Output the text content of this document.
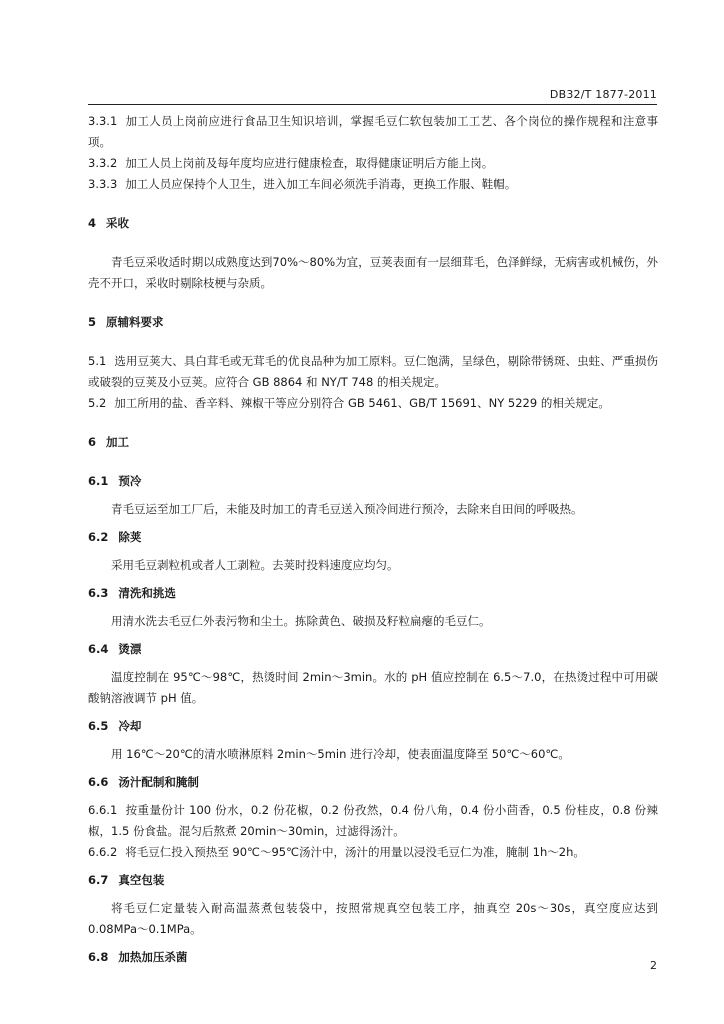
DB32/T 1877-2011

3.3.1 加工人员上岗前应进行食品卫生知识培训，掌握毛豆仁软包装加工工艺、各个岗位的操作规程和注意事项。

3.3.2 加工人员上岗前及每年度均应进行健康检查，取得健康证明后方能上岗。

3.3.3 加工人员应保持个人卫生，进入加工车间必须洗手消毒，更换工作服、鞋帽。

4 采收

青毛豆采收适时期以成熟度达到70%～80%为宜，豆荚表面有一层细茸毛，色泽鲜绿，无病害或机械伤，外壳不开口，采收时剔除枝梗与杂质。

5 原辅料要求

5.1 选用豆荚大、具白茸毛或无茸毛的优良品种为加工原料。豆仁饱满，呈绿色，剔除带锈斑、虫蛀、严重损伤或破裂的豆荚及小豆荚。应符合 GB 8864 和 NY/T 748 的相关规定。

5.2 加工所用的盐、香辛料、辣椒干等应分别符合 GB 5461、GB/T 15691、NY 5229 的相关规定。

6 加工

6.1 预冷

青毛豆运至加工厂后，未能及时加工的青毛豆送入预冷间进行预冷，去除来自田间的呼吸热。

6.2 除荚

采用毛豆剥粒机或者人工剥粒。去荚时投料速度应均匀。

6.3 清洗和挑选

用清水洗去毛豆仁外表污物和尘土。拣除黄色、破损及籽粒扁瘪的毛豆仁。

6.4 烫漂

温度控制在 95℃～98℃，热烫时间 2min～3min。水的 pH 值应控制在 6.5～7.0，在热烫过程中可用碳酸钠溶液调节 pH 值。

6.5 冷却

用 16℃～20℃的清水喷淋原料 2min～5min 进行冷却，使表面温度降至 50℃～60℃。

6.6 汤汁配制和腌制

6.6.1 按重量份计 100 份水，0.2 份花椒，0.2 份孜然，0.4 份八角，0.4 份小茴香，0.5 份桂皮，0.8 份辣椒，1.5 份食盐。混匀后熬煮 20min～30min，过滤得汤汁。

6.6.2 将毛豆仁投入预热至 90℃～95℃汤汁中，汤汁的用量以浸没毛豆仁为准，腌制 1h～2h。

6.7 真空包装

将毛豆仁定量装入耐高温蒸煮包装袋中，按照常规真空包装工序，抽真空 20s～30s，真空度应达到 0.08MPa～0.1MPa。

6.8 加热加压杀菌

2
